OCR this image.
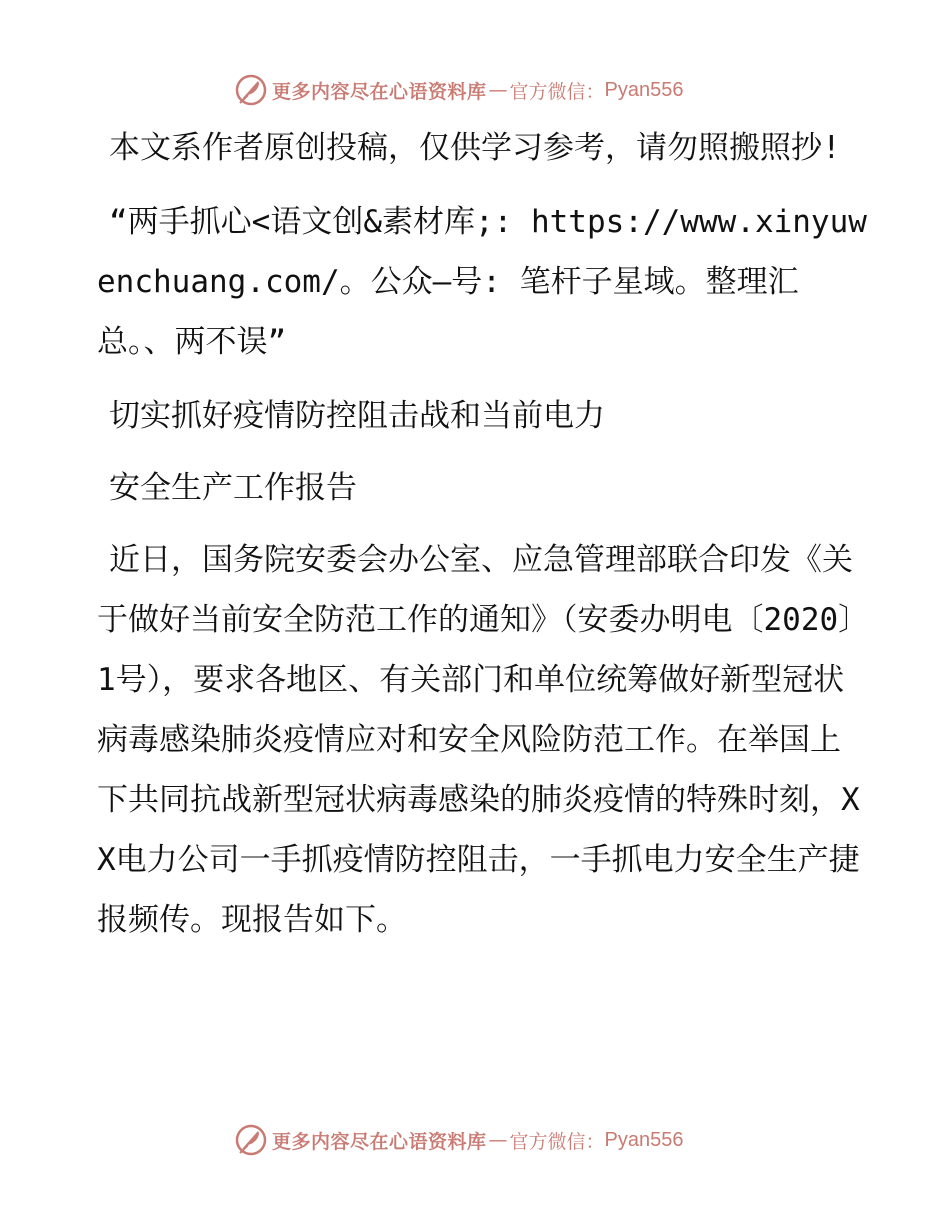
更多内容尽在心语资料库 — 官方微信： Pyan556

本文系作者原创投稿，仅供学习参考，请勿照搬照抄!

“两手抓心<语文创&素材库;: https://www.xinyuwenchuang.com/。公众—号: 笔杆子星域。整理汇总。、两不误”

切实抓好疫情防控阻击战和当前电力

安全生产工作报告

近日，国务院安委会办公室、应急管理部联合印发《关于做好当前安全防范工作的通知》（安委办明电〔2020〕1号），要求各地区、有关部门和单位统筹做好新型冠状病毒感染肺炎疫情应对和安全风险防范工作。在举国上下共同抗战新型冠状病毒感染的肺炎疫情的特殊时刻，XX电力公司一手抓疫情防控阻击，一手抓电力安全生产捷报频传。现报告如下。

更多内容尽在心语资料库 — 官方微信： Pyan556
